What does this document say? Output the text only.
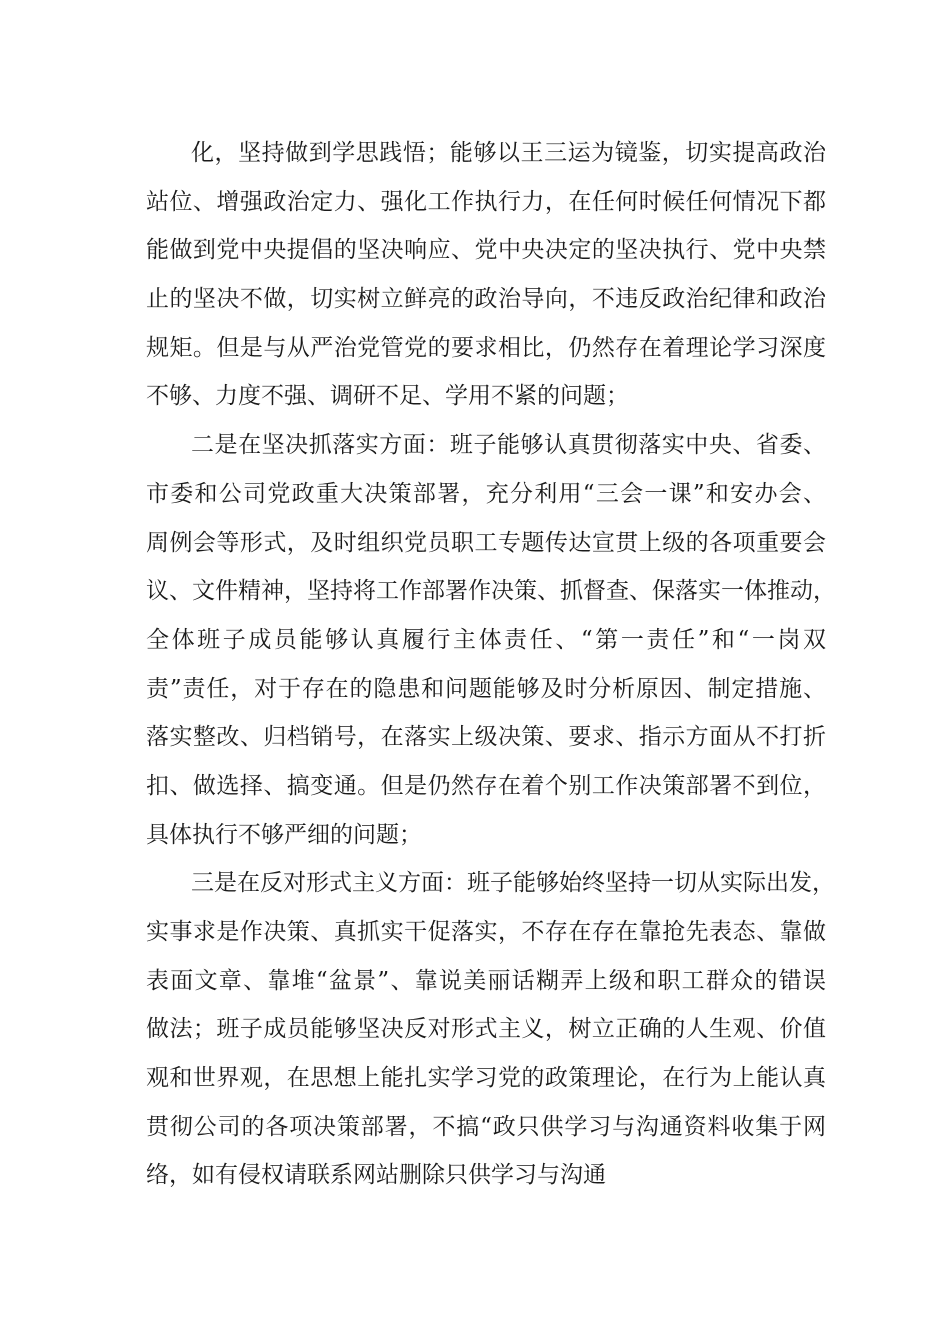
化，坚持做到学思践悟；能够以王三运为镜鉴，切实提高政治
站位、增强政治定力、强化工作执行力，在任何时候任何情况下都
能做到党中央提倡的坚决响应、党中央决定的坚决执行、党中央禁
止的坚决不做，切实树立鲜亮的政治导向，不违反政治纪律和政治
规矩。但是与从严治党管党的要求相比，仍然存在着理论学习深度
不够、力度不强、调研不足、学用不紧的问题；
二是在坚决抓落实方面：班子能够认真贯彻落实中央、省委、
市委和公司党政重大决策部署，充分利用“三会一课”和安办会、
周例会等形式，及时组织党员职工专题传达宣贯上级的各项重要会
议、文件精神，坚持将工作部署作决策、抓督查、保落实一体推动，
全体班子成员能够认真履行主体责任、“第一责任”和“一岗双
责”责任，对于存在的隐患和问题能够及时分析原因、制定措施、
落实整改、归档销号，在落实上级决策、要求、指示方面从不打折
扣、做选择、搞变通。但是仍然存在着个别工作决策部署不到位，
具体执行不够严细的问题；
三是在反对形式主义方面：班子能够始终坚持一切从实际出发，
实事求是作决策、真抓实干促落实，不存在存在靠抢先表态、靠做
表面文章、靠堆“盆景”、靠说美丽话糊弄上级和职工群众的错误
做法；班子成员能够坚决反对形式主义，树立正确的人生观、价值
观和世界观，在思想上能扎实学习党的政策理论，在行为上能认真
贯彻公司的各项决策部署，不搞“政只供学习与沟通资料收集于网
络，如有侵权请联系网站删除只供学习与沟通
